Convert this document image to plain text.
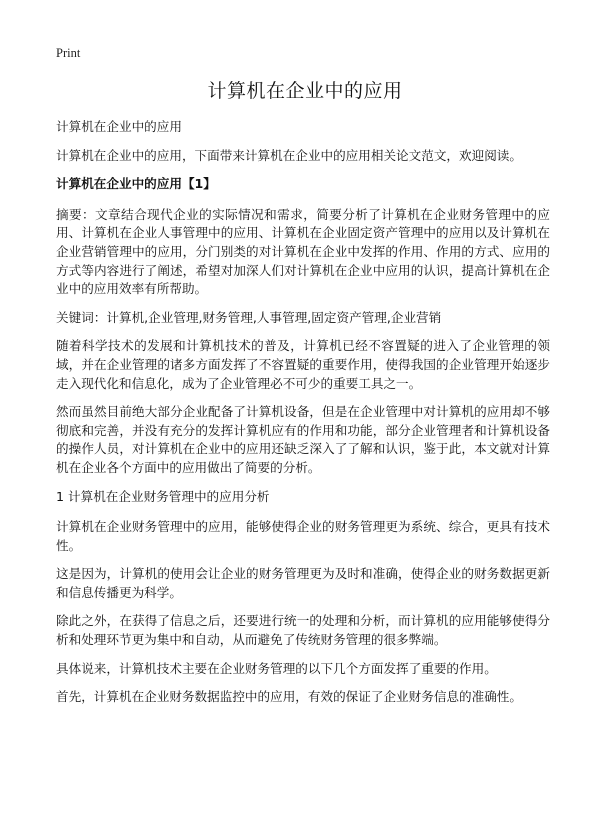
Print
计算机在企业中的应用

计算机在企业中的应用

计算机在企业中的应用，下面带来计算机在企业中的应用相关论文范文，欢迎阅读。

计算机在企业中的应用【1】

摘要：文章结合现代企业的实际情况和需求，简要分析了计算机在企业财务管理中的应用、计算机在企业人事管理中的应用、计算机在企业固定资产管理中的应用以及计算机在企业营销管理中的应用，分门别类的对计算机在企业中发挥的作用、作用的方式、应用的方式等内容进行了阐述，希望对加深人们对计算机在企业中应用的认识，提高计算机在企业中的应用效率有所帮助。

关键词：计算机,企业管理,财务管理,人事管理,固定资产管理,企业营销

随着科学技术的发展和计算机技术的普及，计算机已经不容置疑的进入了企业管理的领域，并在企业管理的诸多方面发挥了不容置疑的重要作用，使得我国的企业管理开始逐步走入现代化和信息化，成为了企业管理必不可少的重要工具之一。

然而虽然目前绝大部分企业配备了计算机设备，但是在企业管理中对计算机的应用却不够彻底和完善，并没有充分的发挥计算机应有的作用和功能，部分企业管理者和计算机设备的操作人员，对计算机在企业中的应用还缺乏深入了了解和认识，鉴于此，本文就对计算机在企业各个方面中的应用做出了简要的分析。

1 计算机在企业财务管理中的应用分析

计算机在企业财务管理中的应用，能够使得企业的财务管理更为系统、综合，更具有技术性。

这是因为，计算机的使用会让企业的财务管理更为及时和准确，使得企业的财务数据更新和信息传播更为科学。

除此之外，在获得了信息之后，还要进行统一的处理和分析，而计算机的应用能够使得分析和处理环节更为集中和自动，从而避免了传统财务管理的很多弊端。

具体说来，计算机技术主要在企业财务管理的以下几个方面发挥了重要的作用。

首先，计算机在企业财务数据监控中的应用，有效的保证了企业财务信息的准确性。
